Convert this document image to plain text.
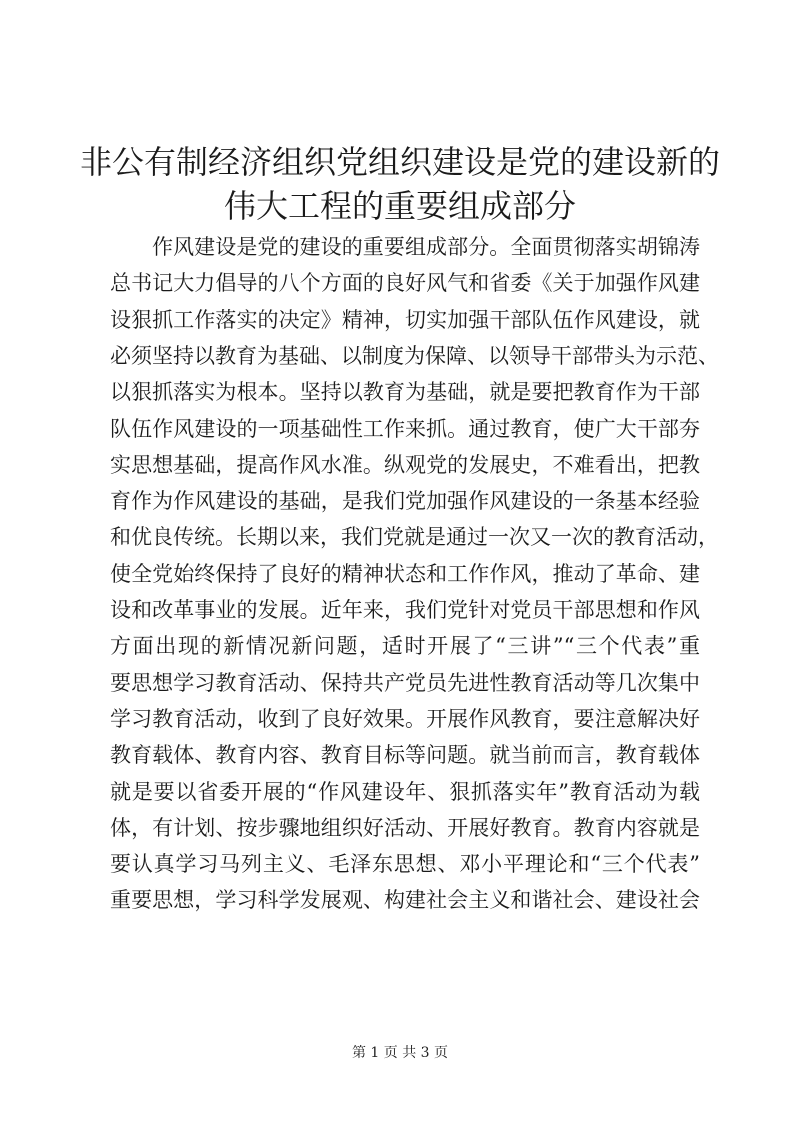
非公有制经济组织党组织建设是党的建设新的
伟大工程的重要组成部分
作风建设是党的建设的重要组成部分。全面贯彻落实胡锦涛
总书记大力倡导的八个方面的良好风气和省委《关于加强作风建
设狠抓工作落实的决定》精神，切实加强干部队伍作风建设，就
必须坚持以教育为基础、以制度为保障、以领导干部带头为示范、
以狠抓落实为根本。坚持以教育为基础，就是要把教育作为干部
队伍作风建设的一项基础性工作来抓。通过教育，使广大干部夯
实思想基础，提高作风水准。纵观党的发展史，不难看出，把教
育作为作风建设的基础，是我们党加强作风建设的一条基本经验
和优良传统。长期以来，我们党就是通过一次又一次的教育活动，
使全党始终保持了良好的精神状态和工作作风，推动了革命、建
设和改革事业的发展。近年来，我们党针对党员干部思想和作风
方面出现的新情况新问题，适时开展了“三讲”“三个代表”重
要思想学习教育活动、保持共产党员先进性教育活动等几次集中
学习教育活动，收到了良好效果。开展作风教育，要注意解决好
教育载体、教育内容、教育目标等问题。就当前而言，教育载体
就是要以省委开展的“作风建设年、狠抓落实年”教育活动为载
体，有计划、按步骤地组织好活动、开展好教育。教育内容就是
要认真学习马列主义、毛泽东思想、邓小平理论和“三个代表”
重要思想，学习科学发展观、构建社会主义和谐社会、建设社会
第 1 页 共 3 页
